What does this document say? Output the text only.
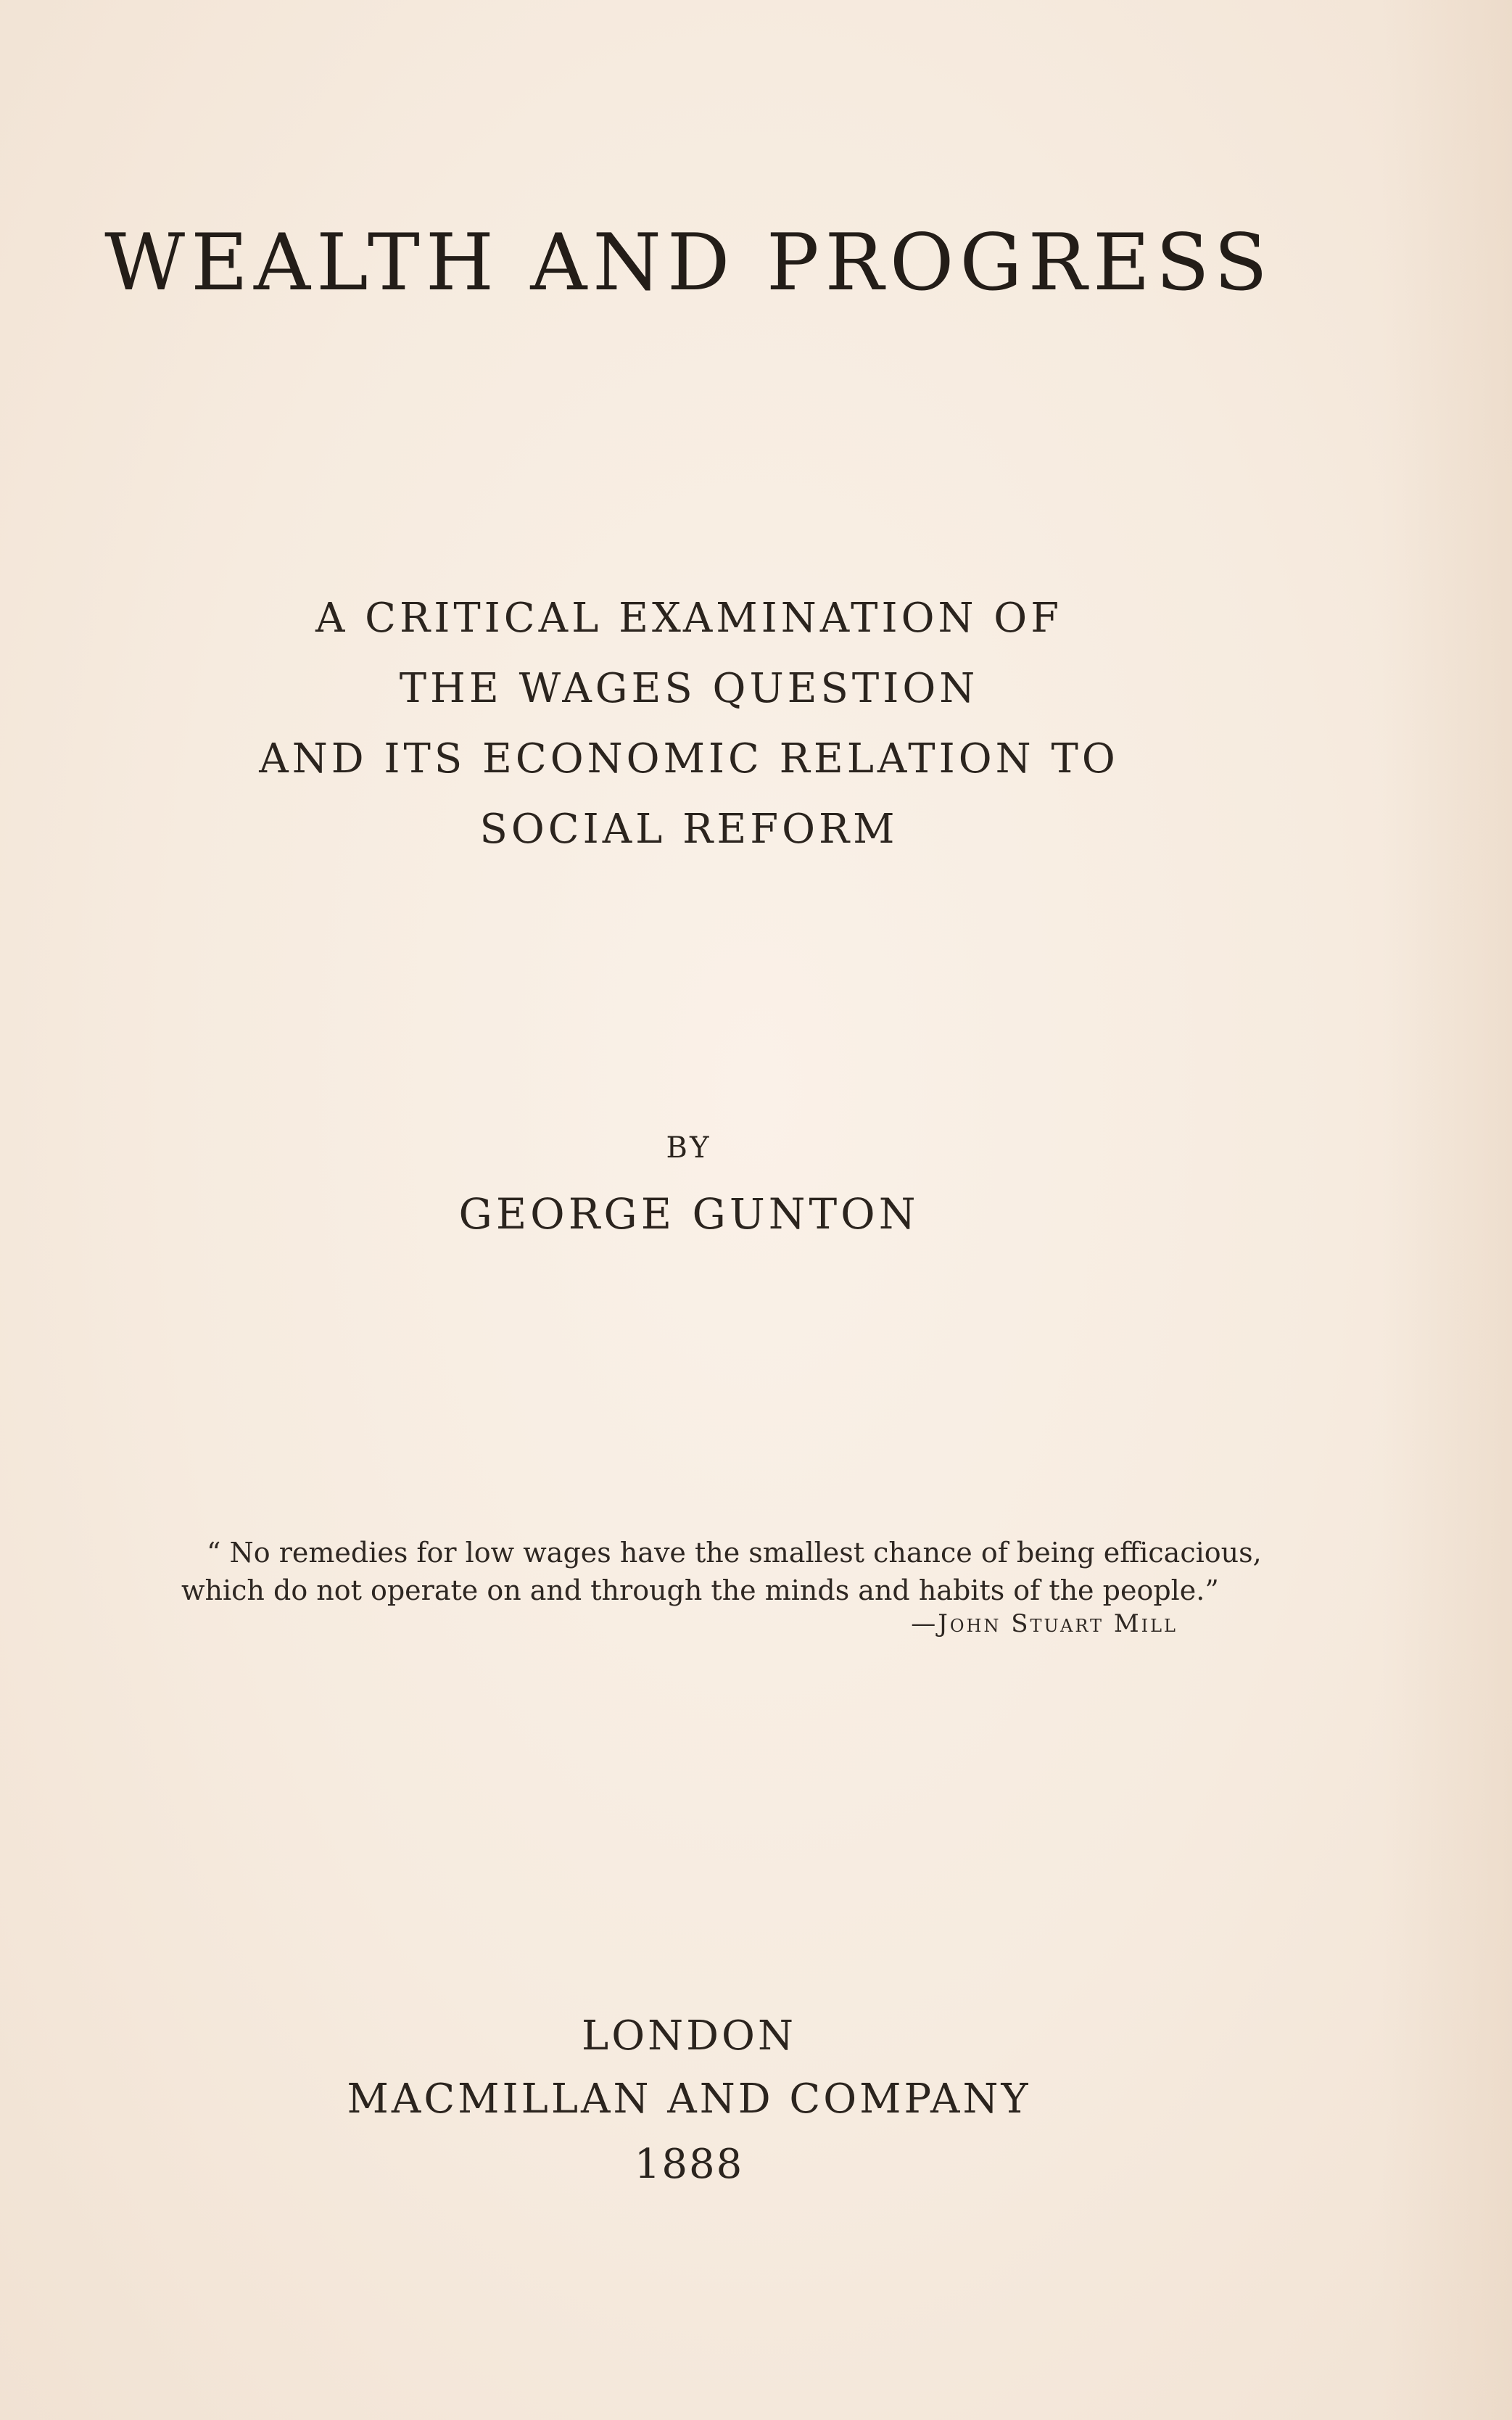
WEALTH AND PROGRESS
A CRITICAL EXAMINATION OF
THE WAGES QUESTION
AND ITS ECONOMIC RELATION TO
SOCIAL REFORM
BY
GEORGE GUNTON
“ No remedies for low wages have the smallest chance of being efficacious,
which do not operate on and through the minds and habits of the people.”
—John Stuart Mill
LONDON
MACMILLAN AND COMPANY
1888
